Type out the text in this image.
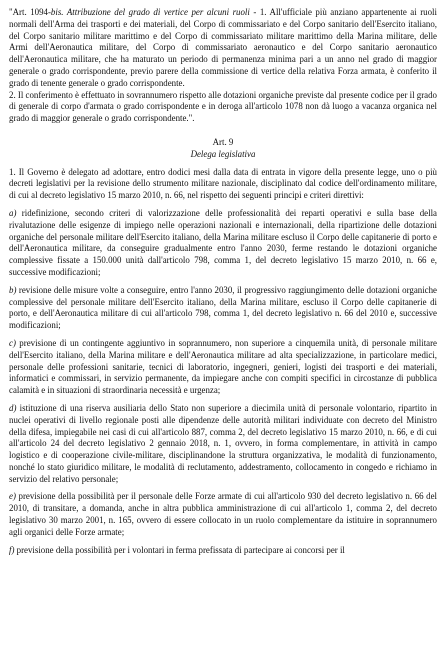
"Art. 1094-bis. Attribuzione del grado di vertice per alcuni ruoli - 1. All'ufficiale più anziano appartenente ai ruoli normali dell'Arma dei trasporti e dei materiali, del Corpo di commissariato e del Corpo sanitario dell'Esercito italiano, del Corpo sanitario militare marittimo e del Corpo di commissariato militare marittimo della Marina militare, delle Armi dell'Aeronautica militare, del Corpo di commissariato aeronautico e del Corpo sanitario aeronautico dell'Aeronautica militare, che ha maturato un periodo di permanenza minima pari a un anno nel grado di maggior generale o grado corrispondente, previo parere della commissione di vertice della relativa Forza armata, è conferito il grado di tenente generale o grado corrispondente.
2. Il conferimento è effettuato in sovrannumero rispetto alle dotazioni organiche previste dal presente codice per il grado di generale di corpo d'armata o grado corrispondente e in deroga all'articolo 1078 non dà luogo a vacanza organica nel grado di maggior generale o grado corrispondente.".
Art. 9
Delega legislativa
1. Il Governo è delegato ad adottare, entro dodici mesi dalla data di entrata in vigore della presente legge, uno o più decreti legislativi per la revisione dello strumento militare nazionale, disciplinato dal codice dell'ordinamento militare, di cui al decreto legislativo 15 marzo 2010, n. 66, nel rispetto dei seguenti principi e criteri direttivi:
a) ridefinizione, secondo criteri di valorizzazione delle professionalità dei reparti operativi e sulla base della rivalutazione delle esigenze di impiego nelle operazioni nazionali e internazionali, della ripartizione delle dotazioni organiche del personale militare dell'Esercito italiano, della Marina militare escluso il Corpo delle capitanerie di porto e dell'Aeronautica militare, da conseguire gradualmente entro l'anno 2030, ferme restando le dotazioni organiche complessive fissate a 150.000 unità dall'articolo 798, comma 1, del decreto legislativo 15 marzo 2010, n. 66 e, successive modificazioni;
b) revisione delle misure volte a conseguire, entro l'anno 2030, il progressivo raggiungimento delle dotazioni organiche complessive del personale militare dell'Esercito italiano, della Marina militare, escluso il Corpo delle capitanerie di porto, e dell'Aeronautica militare di cui all'articolo 798, comma 1, del decreto legislativo n. 66 del 2010 e, successive modificazioni;
c) previsione di un contingente aggiuntivo in soprannumero, non superiore a cinquemila unità, di personale militare dell'Esercito italiano, della Marina militare e dell'Aeronautica militare ad alta specializzazione, in particolare medici, personale delle professioni sanitarie, tecnici di laboratorio, ingegneri, genieri, logisti dei trasporti e dei materiali, informatici e commissari, in servizio permanente, da impiegare anche con compiti specifici in circostanze di pubblica calamità e in situazioni di straordinaria necessità e urgenza;
d) istituzione di una riserva ausiliaria dello Stato non superiore a diecimila unità di personale volontario, ripartito in nuclei operativi di livello regionale posti alle dipendenze delle autorità militari individuate con decreto del Ministro della difesa, impiegabile nei casi di cui all'articolo 887, comma 2, del decreto legislativo 15 marzo 2010, n. 66, e di cui all'articolo 24 del decreto legislativo 2 gennaio 2018, n. 1, ovvero, in forma complementare, in attività in campo logistico e di cooperazione civile-militare, disciplinandone la struttura organizzativa, le modalità di funzionamento, nonché lo stato giuridico militare, le modalità di reclutamento, addestramento, collocamento in congedo e richiamo in servizio del relativo personale;
e) previsione della possibilità per il personale delle Forze armate di cui all'articolo 930 del decreto legislativo n. 66 del 2010, di transitare, a domanda, anche in altra pubblica amministrazione di cui all'articolo 1, comma 2, del decreto legislativo 30 marzo 2001, n. 165, ovvero di essere collocato in un ruolo complementare da istituire in soprannumero agli organici delle Forze armate;
f) previsione della possibilità per i volontari in ferma prefissata di partecipare ai concorsi per il
